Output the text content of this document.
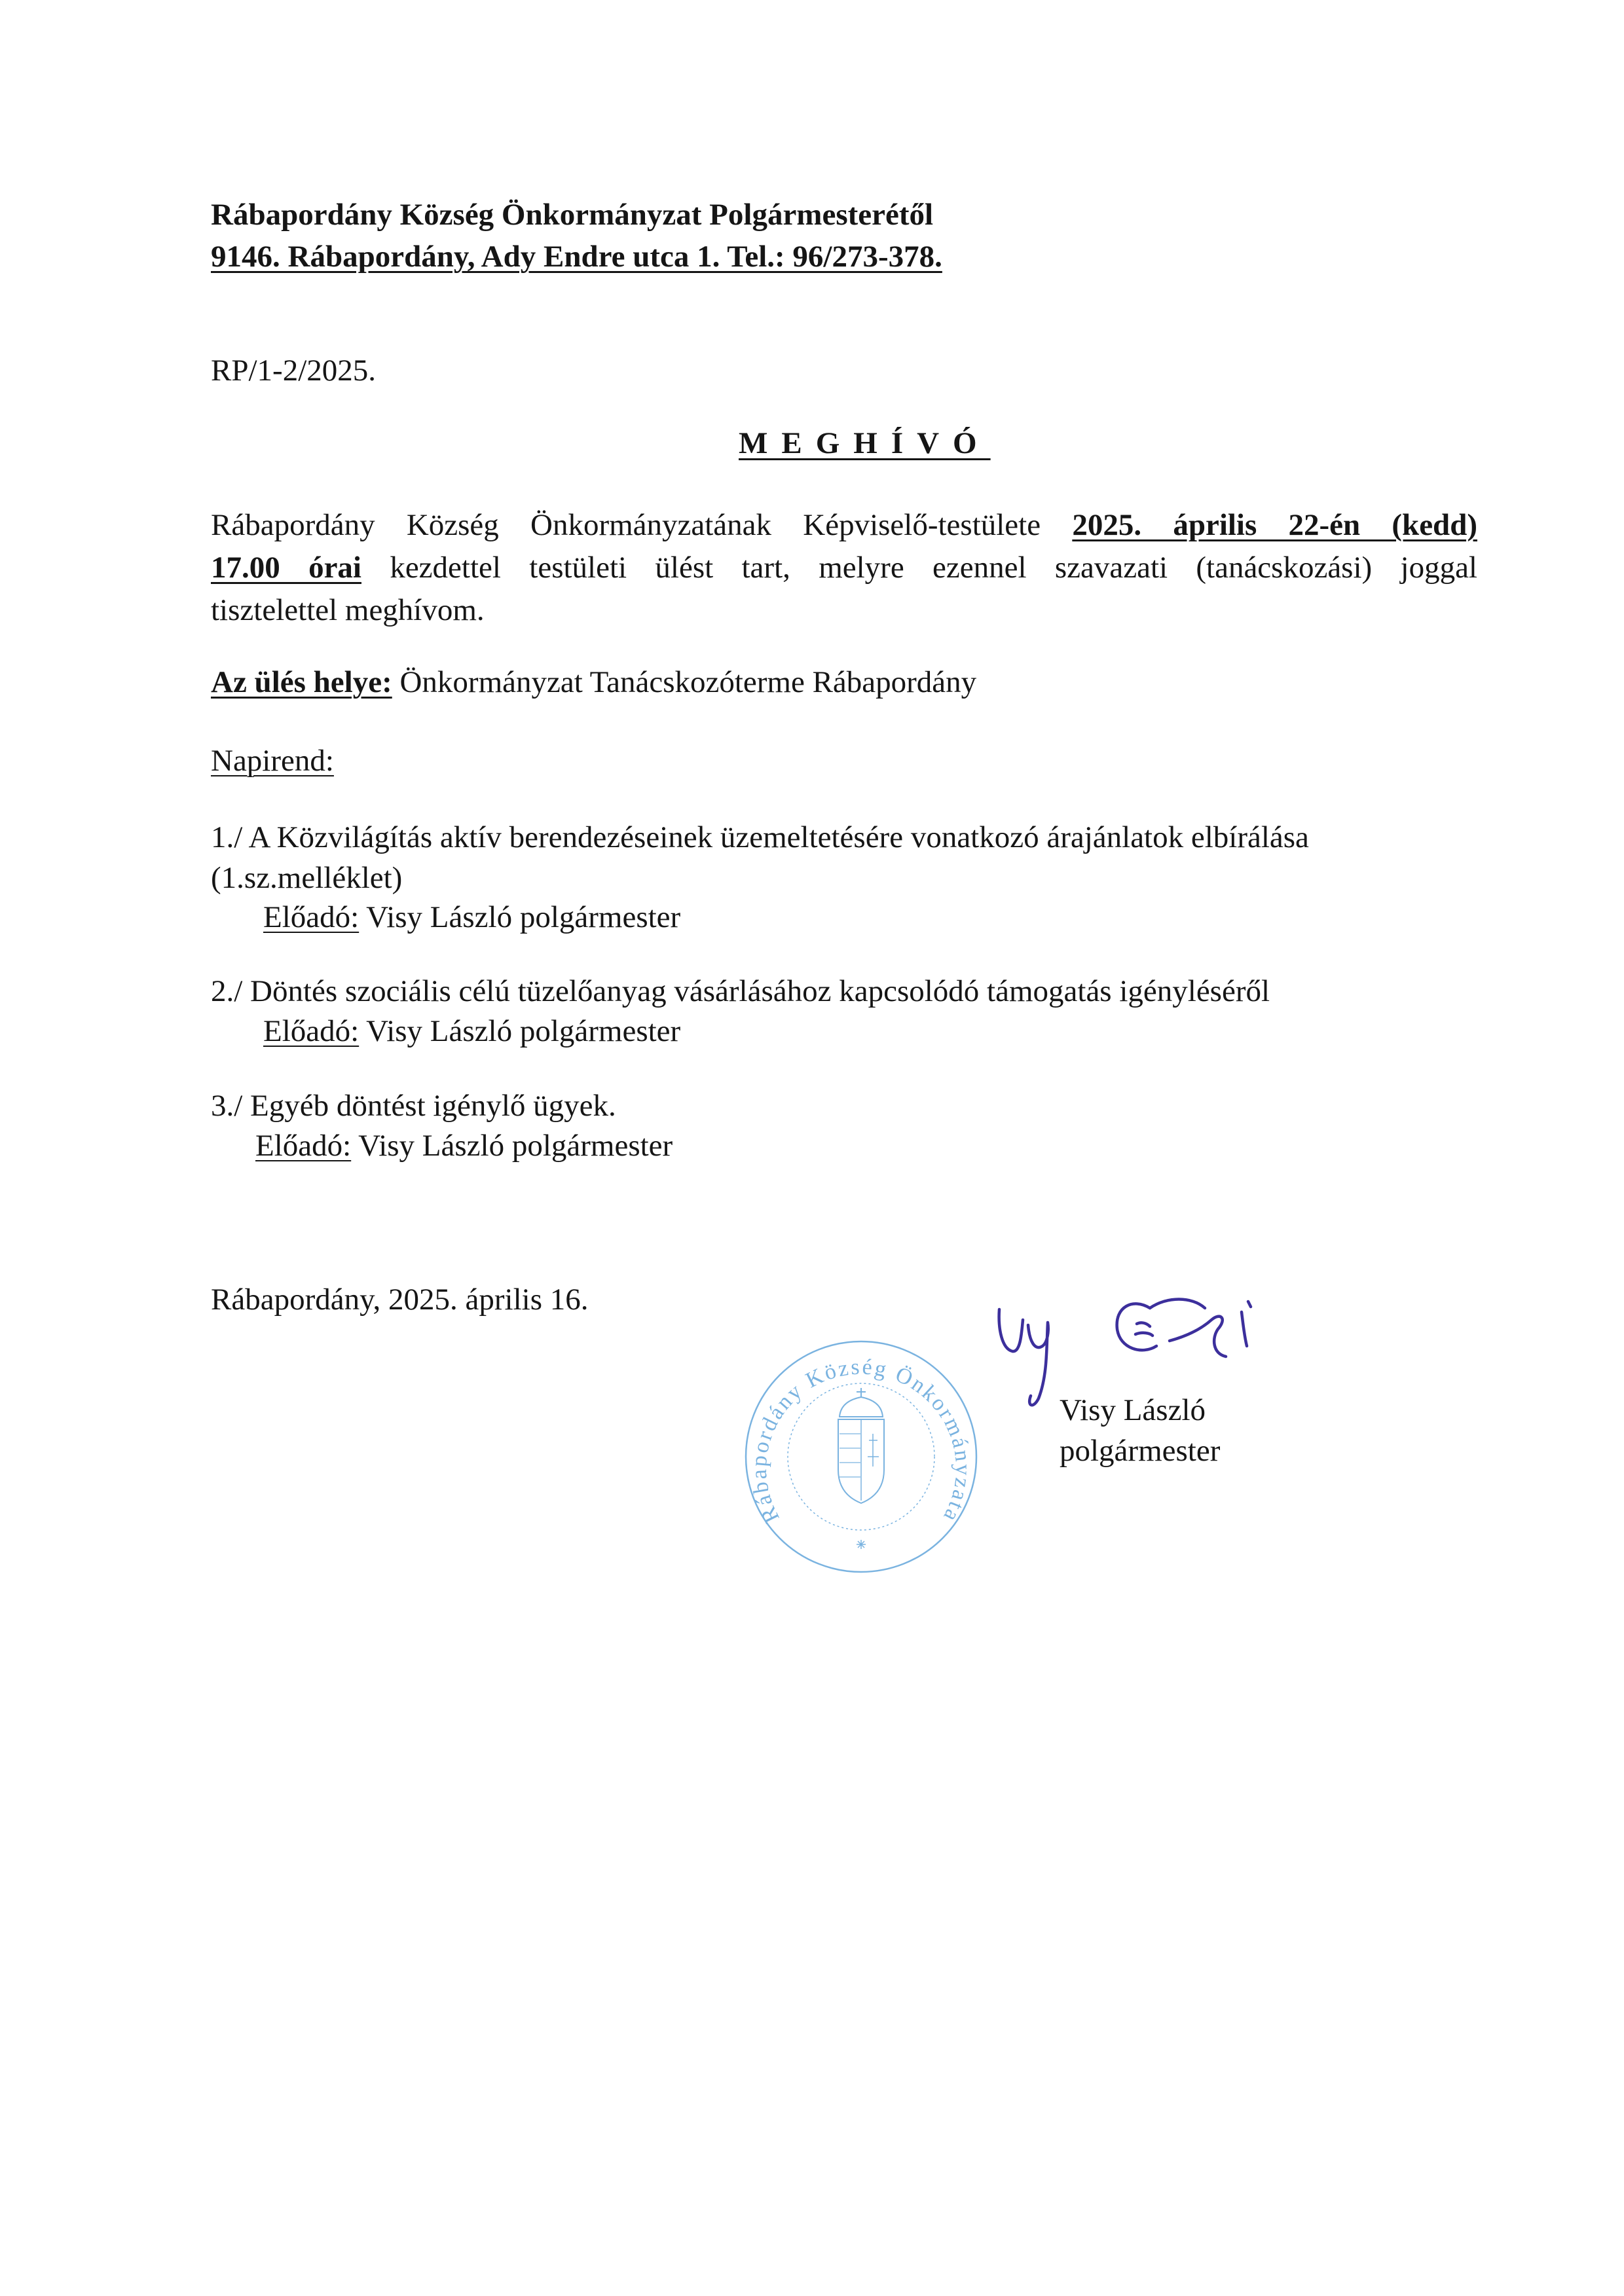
Rábapordány Község Önkormányzat Polgármesterétől
9146. Rábapordány, Ady Endre utca 1. Tel.: 96/273-378.
RP/1-2/2025.
MEGHÍVÓ
Rábapordány Község Önkormányzatának Képviselő-testülete 2025. április 22-én (kedd)
17.00 órai kezdettel testületi ülést tart, melyre ezennel szavazati (tanácskozási) joggal
tisztelettel meghívom.
Az ülés helye: Önkormányzat Tanácskozóterme Rábapordány
Napirend:
1./ A Közvilágítás aktív berendezéseinek üzemeltetésére vonatkozó árajánlatok elbírálása
(1.sz.melléklet)
Előadó: Visy László polgármester
2./ Döntés szociális célú tüzelőanyag vásárlásához kapcsolódó támogatás igényléséről
Előadó: Visy László polgármester
3./ Egyéb döntést igénylő ügyek.
Előadó: Visy László polgármester
Rábapordány, 2025. április 16.
Rábapordány Község Önkormányzata
Visy László
polgármester
